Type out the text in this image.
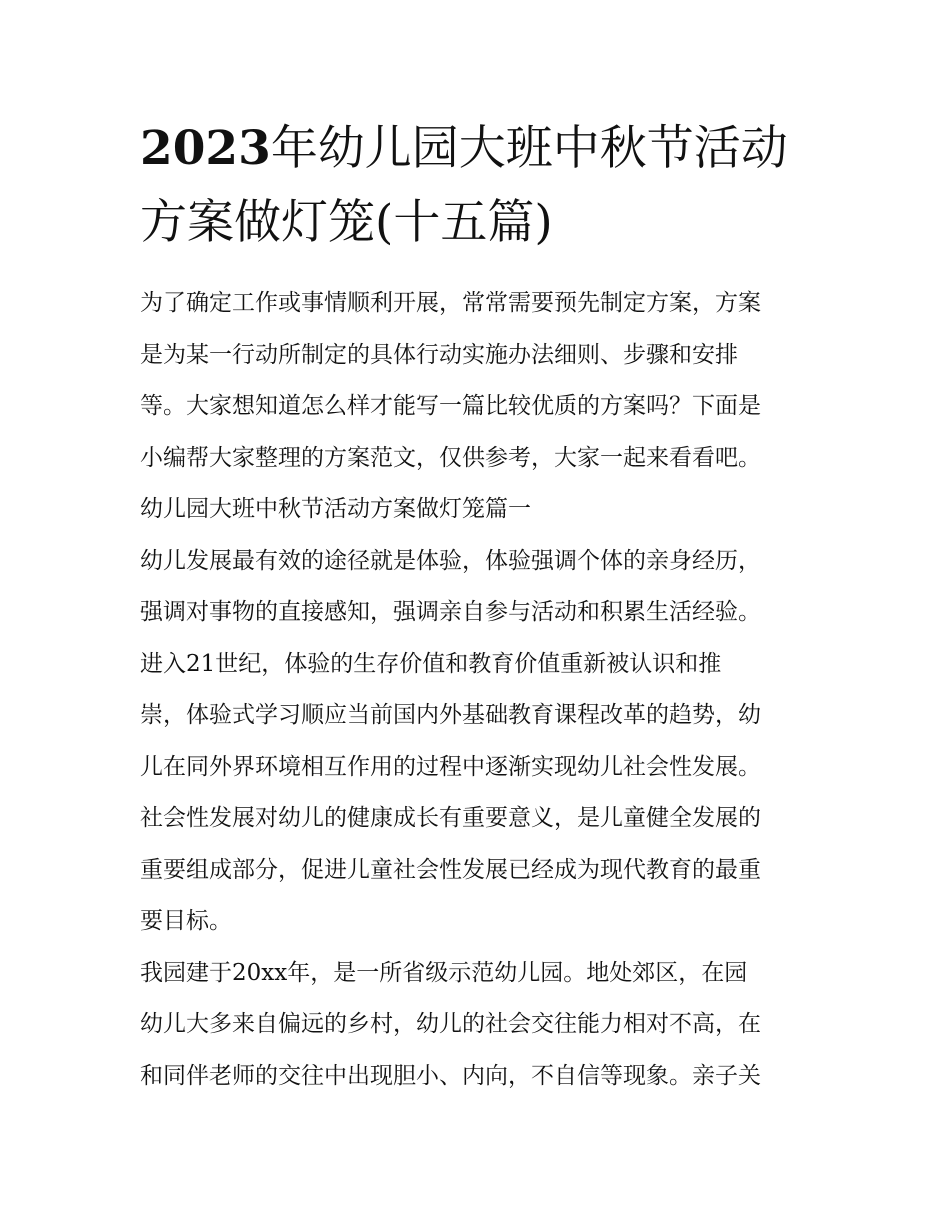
2023年幼儿园大班中秋节活动
方案做灯笼(十五篇)
为了确定工作或事情顺利开展，常常需要预先制定方案，方案
是为某一行动所制定的具体行动实施办法细则、步骤和安排
等。大家想知道怎么样才能写一篇比较优质的方案吗？下面是
小编帮大家整理的方案范文，仅供参考，大家一起来看看吧。
幼儿园大班中秋节活动方案做灯笼篇一
幼儿发展最有效的途径就是体验，体验强调个体的亲身经历，
强调对事物的直接感知，强调亲自参与活动和积累生活经验。
进入21世纪，体验的生存价值和教育价值重新被认识和推
崇，体验式学习顺应当前国内外基础教育课程改革的趋势，幼
儿在同外界环境相互作用的过程中逐渐实现幼儿社会性发展。
社会性发展对幼儿的健康成长有重要意义，是儿童健全发展的
重要组成部分，促进儿童社会性发展已经成为现代教育的最重
要目标。
我园建于20xx年，是一所省级示范幼儿园。地处郊区，在园
幼儿大多来自偏远的乡村，幼儿的社会交往能力相对不高，在
和同伴老师的交往中出现胆小、内向，不自信等现象。亲子关
